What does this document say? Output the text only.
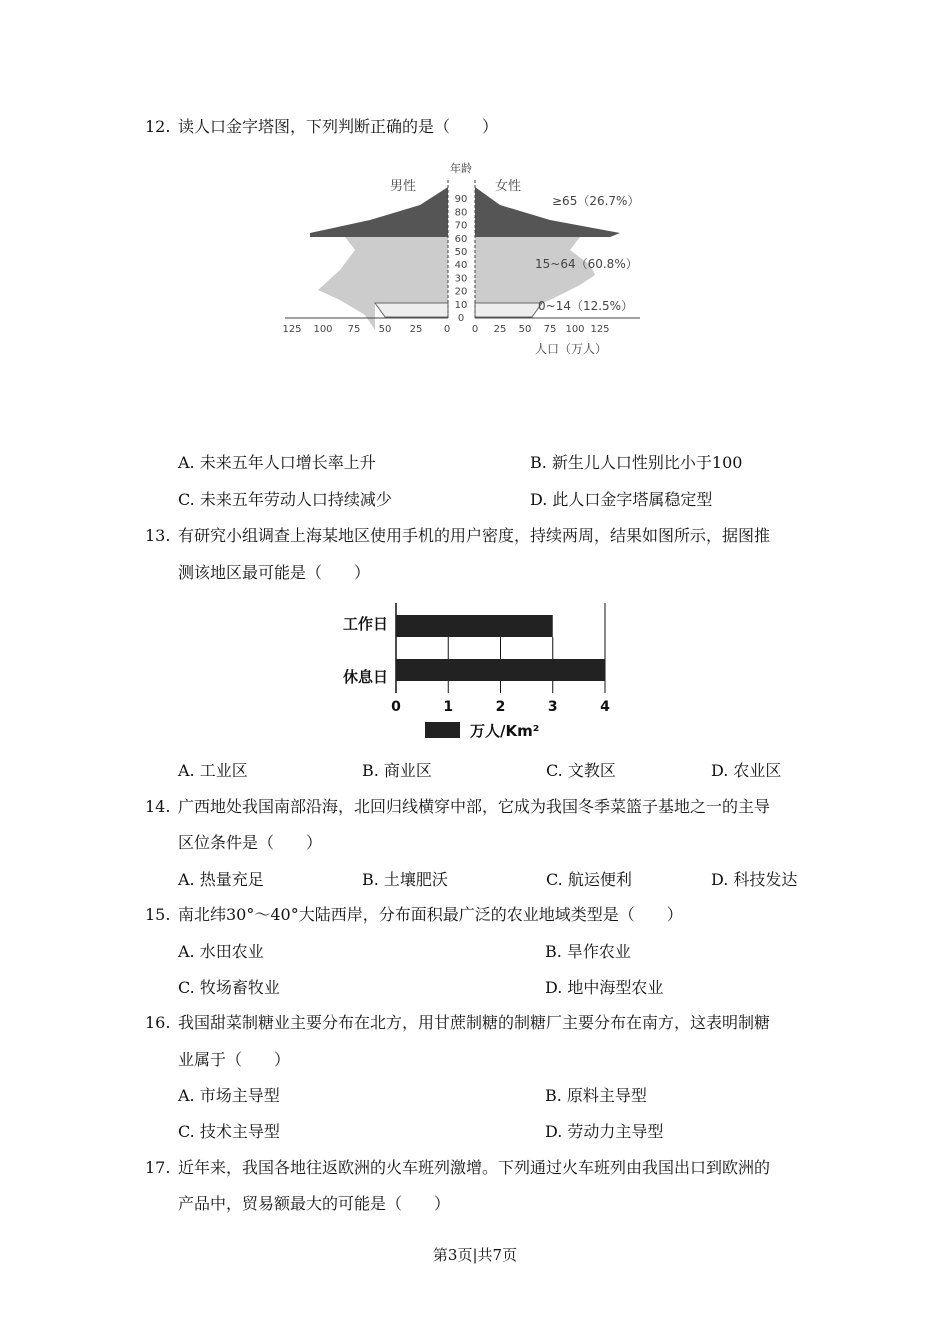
12. 读人口金字塔图，下列判断正确的是（　　）
年龄
男性	女性
0
10
20
30
40
50
60
70
80
90
125 100 75 50 25 0 0 25 50 75 100 125
≥65（26.7%）
15~64（60.8%）
0~14（12.5%）
人口（万人）
A. 未来五年人口增长率上升	B. 新生儿人口性别比小于100
C. 未来五年劳动人口持续减少	D. 此人口金字塔属稳定型
13. 有研究小组调查上海某地区使用手机的用户密度，持续两周，结果如图所示，据图推
测该地区最可能是（　　）
工作日
休息日
0	1	2	3	4
万人/Km²
A. 工业区	B. 商业区	C. 文教区	D. 农业区
14. 广西地处我国南部沿海，北回归线横穿中部，它成为我国冬季菜篮子基地之一的主导
区位条件是（　　）
A. 热量充足	B. 土壤肥沃	C. 航运便利	D. 科技发达
15. 南北纬30°～40°大陆西岸，分布面积最广泛的农业地域类型是（　　）
A. 水田农业	B. 旱作农业
C. 牧场畜牧业	D. 地中海型农业
16. 我国甜菜制糖业主要分布在北方，用甘蔗制糖的制糖厂主要分布在南方，这表明制糖
业属于（　　）
A. 市场主导型	B. 原料主导型
C. 技术主导型	D. 劳动力主导型
17. 近年来，我国各地往返欧洲的火车班列激增。下列通过火车班列由我国出口到欧洲的
产品中，贸易额最大的可能是（　　）
第3页|共7页
